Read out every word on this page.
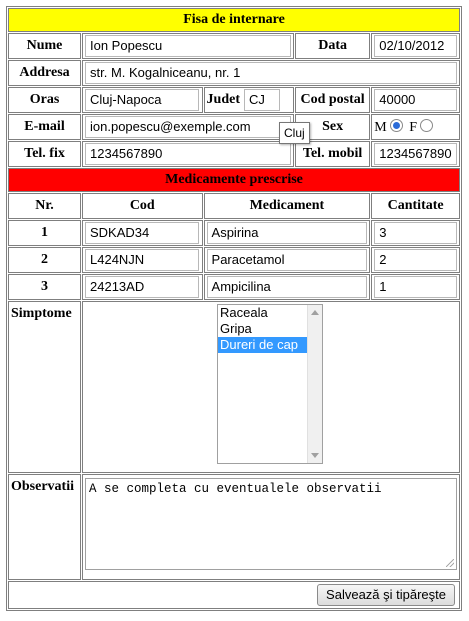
Fisa de internare				
Nume	Ion Popescu		Data	02/10/2012

Addresa	str. M. Kogalniceanu, nr. 1			

Oras	Cluj-Napoca	Judet CJ	Cod postal	40000

E-mail	ion.popescu@exemple.com		Sex	M F
Tel. fix	1234567890		Tel. mobil	1234567890

Medicamente prescrise				
Nr.	Cod	Medicament		Cantitate
1	SDKAD34	Aspirina		3

2	L424NJN	Paracetamol		2

3	24213AD	Ampicilina		1

Simptome	Raceala
Gripa
Dureri de cap			

Observatii	A se completa cu eventualele observatii			

Salvează şi tipăreşte				
Cluj
